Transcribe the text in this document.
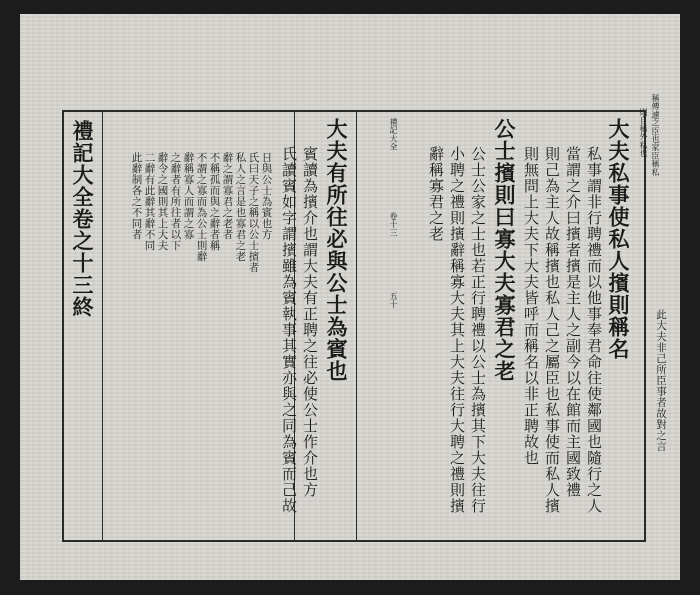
稱傳遽之臣也家臣稱私
則自稱外私也
此大夫非己所臣事者故對之言
大夫私事使私人擯則稱名
私事謂非行聘禮而以他事奉君命往使鄰國也隨行之人
當謂之介曰擯者擯是主人之副今以在館而主國致禮
則己為主人故稱擯也私人己之屬臣也私事使而私人擯
則無問上大夫下大夫皆呼而稱名以非正聘故也
公士擯則曰寡大夫寡君之老
公士公家之士也若正行聘禮以公士為擯其下大夫往行
小聘之禮則擯辭稱寡大夫其上大夫往行大聘之禮則擯
辭稱寡君之老
禮記大全
卷十三
五十
大夫有所往必與公士為賓也
賓讀為擯介也謂大夫有正聘之往必使公士作介也方
氏讀賓如字謂擯雖為賓執事其實亦與之同為賓而己故
日與公士為賓也方
氏曰天子之稱以公士擯者
私人之言是也寡君之老
辭之謂寡君之老者
不稱孤而與之辭者稱
不謂之寡而為公士則辭
辭稱寡人而謂之寡
之辭者有所往者以下
辭令之國則其上大夫
二辭有此辭其辭不同
此辭制各之不同者
禮記大全卷之十三終
